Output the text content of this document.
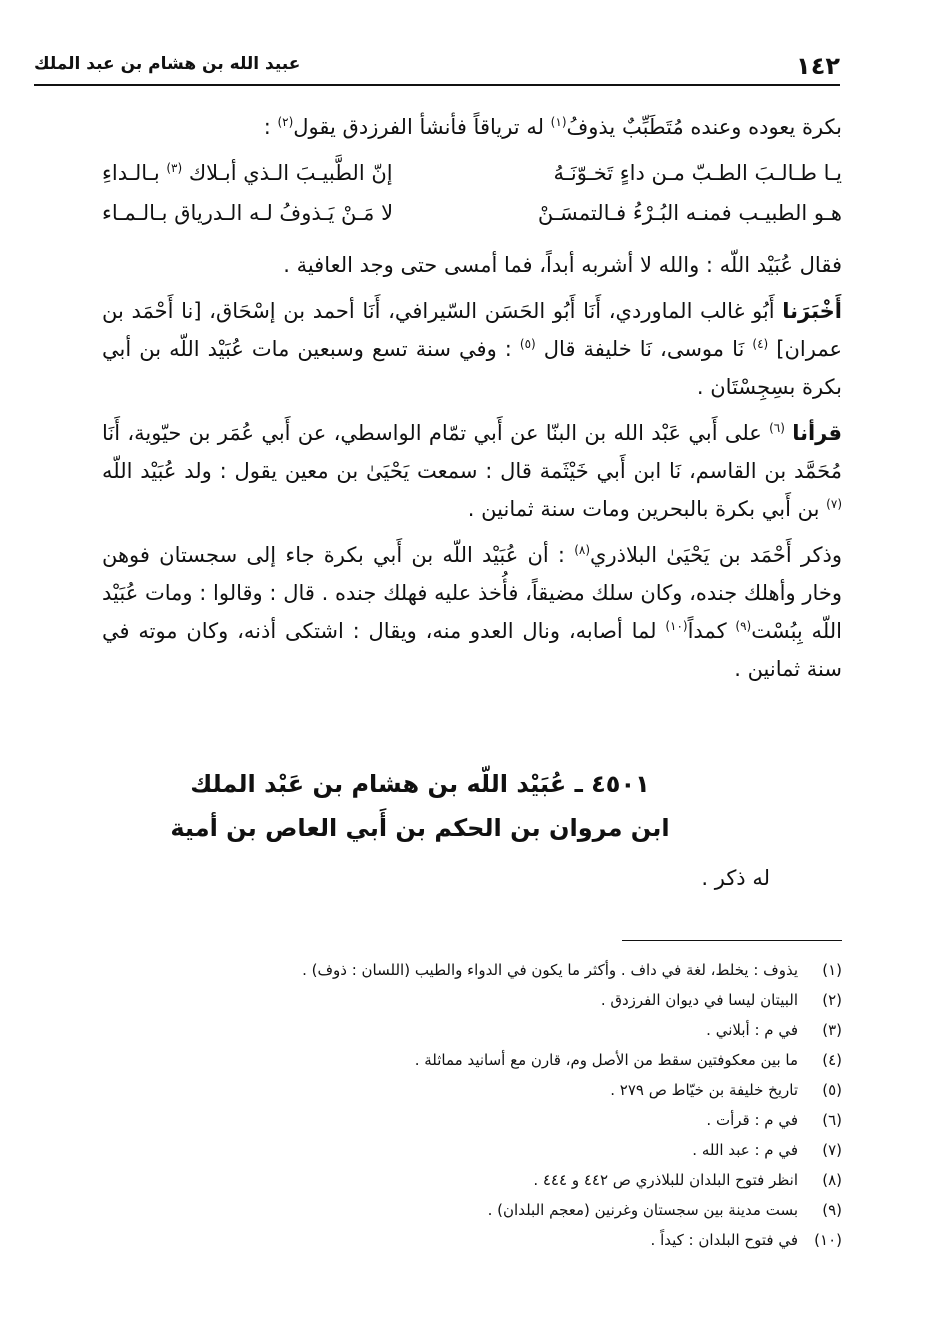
١٤٢
عبيد الله بن هشام بن عبد الملك

بكرة يعوده وعنده مُتَطَبِّبٌ يذوفُ$^{(١)}$ له ترياقاً فأنشأ الفرزدق يقول$^{(٢)}$ :

يـا طـالـبَ الطـبّ مـن داءٍ تَخـوّنَـهُ
إنّ الطَّبيـبَ الـذي أبـلاك $^{(٣)}$ بـالـداءِ
هـو الطبيـب فمنـه البُـرْءُ فـالتمسَـنْ
لا مَـنْ يَـذوفُ لـه الـدرياق بـالـمـاء

فقال عُبَيْد اللّه : والله لا أشربه أبداً، فما أمسى حتى وجد العافية .

أَخْبَرَنا أَبُو غالب الماوردي، أَنَا أَبُو الحَسَن السّيرافي، أَنَا أحمد بن إسْحَاق، [نا أَحْمَد بن عمران] $^{(٤)}$ نَا موسى، نَا خليفة قال $^{(٥)}$ : وفي سنة تسع وسبعين مات عُبَيْد اللّه بن أبي بكرة بسِجِسْتَان .

قرأنا $^{(٦)}$ على أَبي عَبْد الله بن البنّا عن أَبي تمّام الواسطي، عن أَبي عُمَر بن حيّوية، أَنَا مُحَمَّد بن القاسم، نَا ابن أَبي خَيْثَمة قال : سمعت يَحْيَىٰ بن معين يقول : ولد عُبَيْد اللّه $^{(٧)}$ بن أَبي بكرة بالبحرين ومات سنة ثمانين .

وذكر أَحْمَد بن يَحْيَىٰ البلاذري$^{(٨)}$ : أن عُبَيْد اللّه بن أَبي بكرة جاء إلى سجستان فوهن وخار وأهلك جنده، وكان سلك مضيقاً، فأُخذ عليه فهلك جنده . قال : وقالوا : ومات عُبَيْد اللّه بِبُسْت$^{(٩)}$ كمداً$^{(١٠)}$ لما أصابه، ونال العدو منه، ويقال : اشتكى أذنه، وكان موته في سنة ثمانين .

٤٥٠١ ـ عُبَيْد اللّه بن هشام بن عَبْد الملك
ابن مروان بن الحكم بن أَبي العاص بن أمية
له ذكر .
(١)
يذوف : يخلط، لغة في داف . وأكثر ما يكون في الدواء والطيب (اللسان : ذوف) .
(٢)
البيتان ليسا في ديوان الفرزدق .
(٣)
في م : أبلاني .
(٤)
ما بين معكوفتين سقط من الأصل وم، قارن مع أسانيد مماثلة .
(٥)
تاريخ خليفة بن خيّاط ص ٢٧٩ .
(٦)
في م : قرأت .
(٧)
في م : عبد الله .
(٨)
انظر فتوح البلدان للبلاذري ص ٤٤٢ و ٤٤٤ .
(٩)
بست مدينة بين سجستان وغرنين (معجم البلدان) .
(١٠)
في فتوح البلدان : كيداً .
